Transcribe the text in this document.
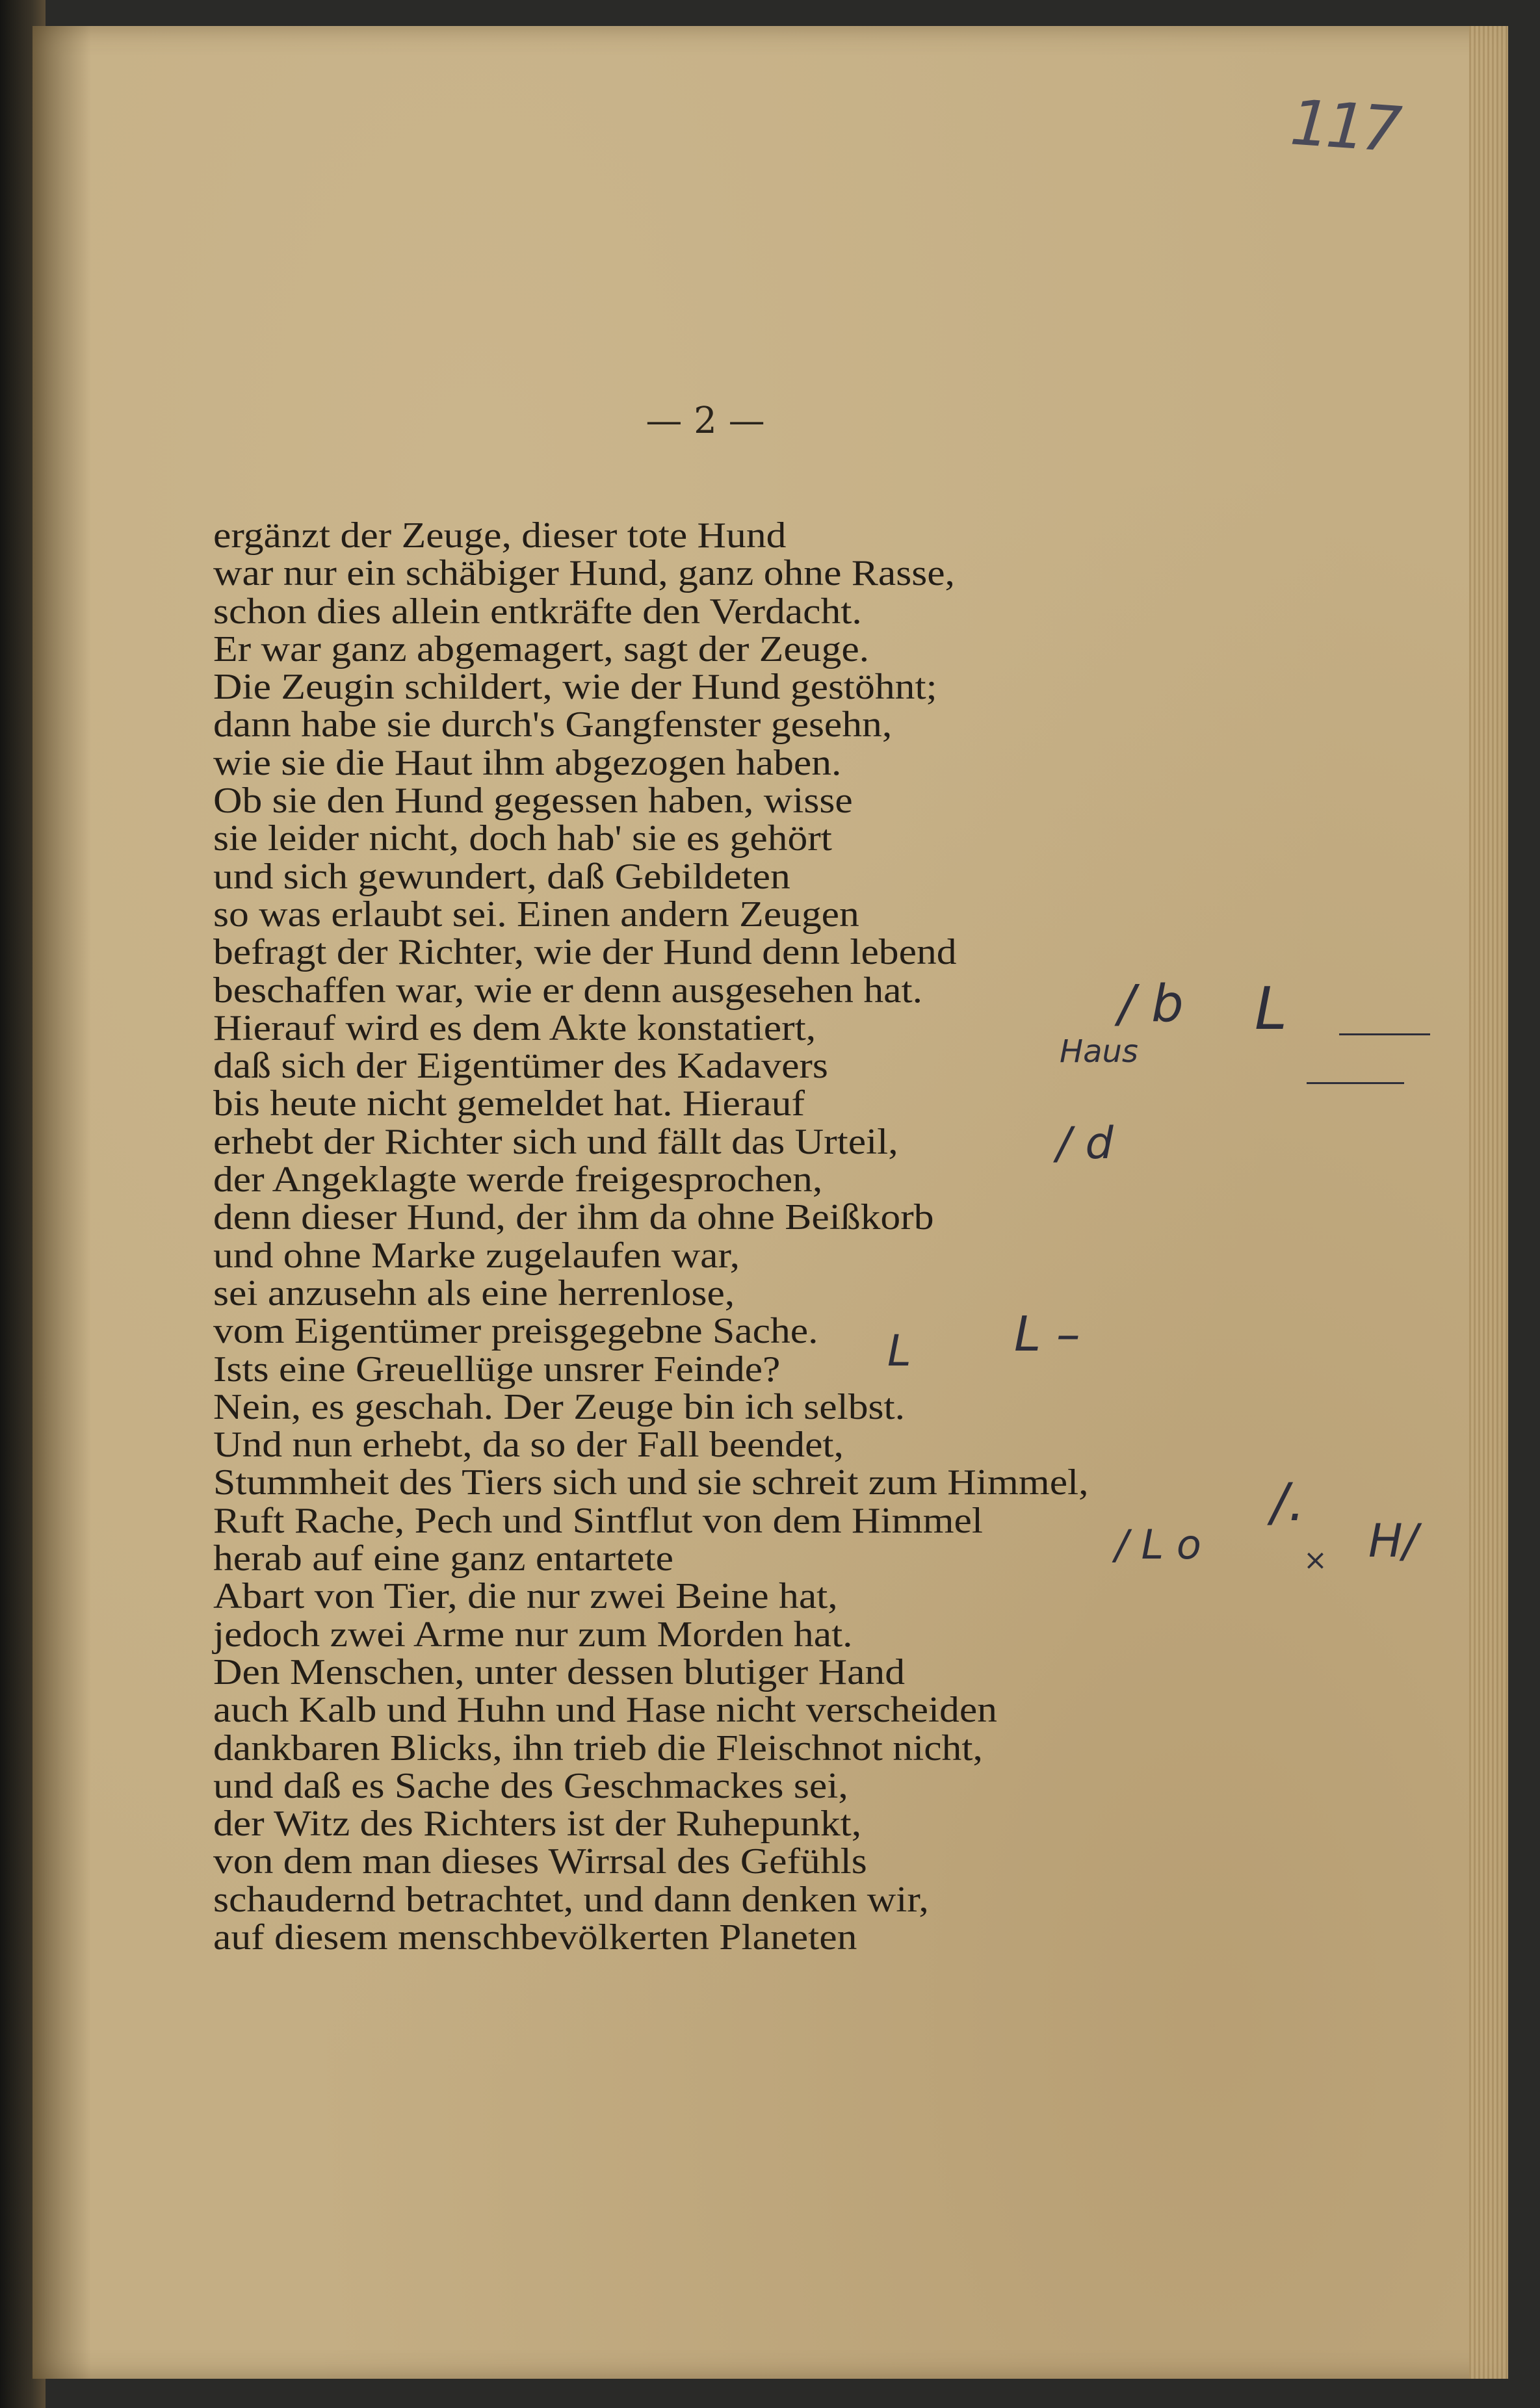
117
— 2 —
ergänzt der Zeuge, dieser tote Hund
war nur ein schäbiger Hund, ganz ohne Rasse,
schon dies allein entkräfte den Verdacht.
Er war ganz abgemagert, sagt der Zeuge.
Die Zeugin schildert, wie der Hund gestöhnt;
dann habe sie durch's Gangfenster gesehn,
wie sie die Haut ihm abgezogen haben.
Ob sie den Hund gegessen haben, wisse
sie leider nicht, doch hab' sie es gehört
und sich gewundert, daß Gebildeten
so was erlaubt sei. Einen andern Zeugen
befragt der Richter, wie der Hund denn lebend
beschaffen war, wie er denn ausgesehen hat.
Hierauf wird es dem Akte konstatiert,
daß sich der Eigentümer des Kadavers
bis heute nicht gemeldet hat. Hierauf
erhebt der Richter sich und fällt das Urteil,
der Angeklagte werde freigesprochen,
denn dieser Hund, der ihm da ohne Beißkorb
und ohne Marke zugelaufen war,
sei anzusehn als eine herrenlose,
vom Eigentümer preisgegebne Sache.
Ists eine Greuellüge unsrer Feinde?
Nein, es geschah. Der Zeuge bin ich selbst.
Und nun erhebt, da so der Fall beendet,
Stummheit des Tiers sich und sie schreit zum Himmel,
Ruft Rache, Pech und Sintflut von dem Himmel
herab auf eine ganz entartete
Abart von Tier, die nur zwei Beine hat,
jedoch zwei Arme nur zum Morden hat.
Den Menschen, unter dessen blutiger Hand
auch Kalb und Huhn und Hase nicht verscheiden
dankbaren Blicks, ihn trieb die Fleischnot nicht,
und daß es Sache des Geschmackes sei,
der Witz des Richters ist der Ruhepunkt,
von dem man dieses Wirrsal des Gefühls
schaudernd betrachtet, und dann denken wir,
auf diesem menschbevölkerten Planeten
/ b L
Haus
/ d
L L –
/.
/ L o	× H/
